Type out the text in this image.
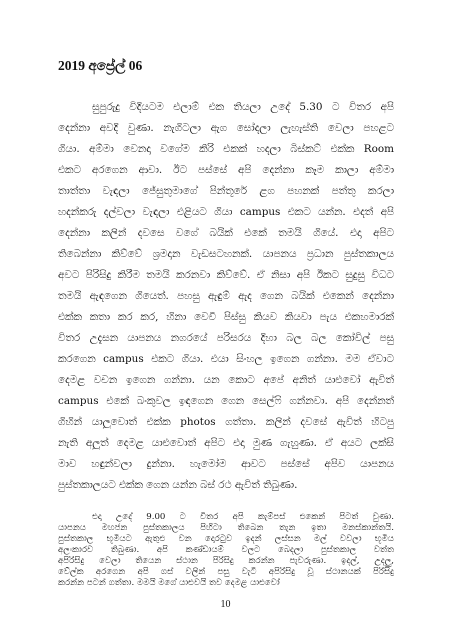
2019 අප්‍රේල් 06
සුපුරුදු විදියටම එලාම් එක තියලා උදේ 5.30 ට විතර අපි
දෙන්නා අවදි වුණා. නැගිටලා ඇග සෝදලා ලැහැස්ති වෙලා පහළට
ගියා. අම්මා වෙනදා වගේම කිරි එකක් හදලා බිස්කට් එක්ක Room
එකට අරගෙන ආවා. ඊට පස්සේ අපි දෙන්නා කෑම කාලා අම්මා
තාත්තා වැඳලා ජේසුතුමාගේ පින්තූරේ ළග පහනක් පත්තු කරලා
හදන්කරු දල්වලා වැඳලා එළියට ගියා campus එකට යන්න. එදත් අපි
දෙන්නා කලින් දවසෙ වගේ බයික් එකේ තමයි ගියේ. එදා අපිට
තිබෙන්නා කිව්වේ ශ්‍රමදාන වැඩසටහනක්. යාපනය ප්‍රධාන පුස්තකාලය
අවට පිරිසිදු කිරීම තමයි කරනවා කිව්වේ. ඒ නිසා අපි ඊකට සුදුසු විධට
තමයි ඇඳගෙන ගියෙත්. පහසු ඇඳුම් ඇද ගෙන බයික් එකෙන් දෙන්නා
එක්ක කතා කර කර, හිනා වෙවී පිස්සු කියව කියවා පැය එකහමාරක්
විතර උදැසන යාපනය නගරයේ පරිසරය දිහා බල බල කෝවිල් පසු
කරගෙන campus එකට ගියා. එයා සිංහල ඉගෙන ගන්නා. මම ඒවාට
දෙමළ වචන ඉගෙන ගන්නා. යන කොට අපේ අනිත් යාළුවෝ ඇවිත්
campus එකේ බංකුවල ඉඳගෙන ගෙන සෙල්ෆි ගන්නවා. අපි දෙන්නත්
ගිහින් යාලුවොත් එක්ක photos ගත්තා. කලින් දවසේ ඇවිත් හිටපු
නැති අලුත් දෙමළ යාළුවොත් අපිට එදා මුණ ගැහුණා. ඒ අයට ලක්සි
මාව හඳුන්වලා දුන්නා. හැමෝම ආවට පස්සේ අපිව යාපනය
පුස්තකාලයට එක්ක ගෙන යන්න බස් රථ ඇවිත් තිබුණා.
එදා උදේ 9.00 ට විතර අපි කැම්පස් එකෙන් පිටත් වුණා.
යාපනය මහජන පුස්තකාලය පිහිටා තිබෙන තැන ඉතා මනස්කාන්තයි.
පුස්තකාල භූමියට ඇතුළු වන දොරටුව ඉදන් ලස්සන මල් වවලා භූමිය
අලංකාරව තිබුණා. අපි කණ්ඩායම් වලට බෙදලා පුස්තකාල වත්ත
අපිරිසිදු වෙලා තියෙන ස්ථාන පිරිසිදු කරන්න පැවරුණා. ඉදල්, උදලු,
වේල්ක අරගෙන අපි ගස් වලින් පසු වැටී අපිරිසිදු වූ ස්ථානයක් පිරිසිදු
කරන්න පටන් ගත්තා. මමයි මගේ යාළුවයි තව දෙමළ යාළුවෝ
10
